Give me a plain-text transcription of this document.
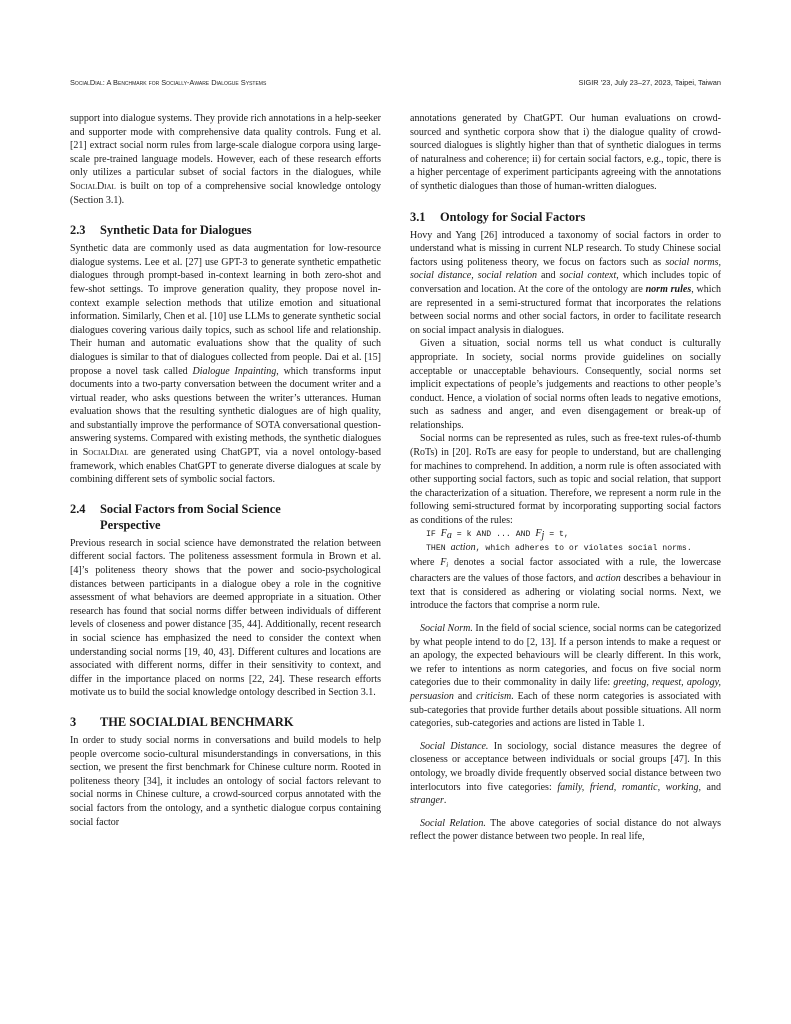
SocialDial: A Benchmark for Socially-Aware Dialogue Systems	SIGIR '23, July 23–27, 2023, Taipei, Taiwan

support into dialogue systems. They provide rich annotations in a help-seeker and supporter mode with comprehensive data quality controls. Fung et al. [21] extract social norm rules from large-scale dialogue corpora using large-scale pre-trained language models. However, each of these research efforts only utilizes a particular subset of social factors in the dialogues, while SocialDial is built on top of a comprehensive social knowledge ontology (Section 3.1).

2.3 Synthetic Data for Dialogues

Synthetic data are commonly used as data augmentation for low-resource dialogue systems. Lee et al. [27] use GPT-3 to generate synthetic empathetic dialogues through prompt-based in-context learning in both zero-shot and few-shot settings. To improve generation quality, they propose novel in-context example selection methods that utilize emotion and situational information. Similarly, Chen et al. [10] use LLMs to generate synthetic social dialogues covering various daily topics, such as school life and relationship. Their human and automatic evaluations show that the quality of such dialogues is similar to that of dialogues collected from people. Dai et al. [15] propose a novel task called Dialogue Inpainting, which transforms input documents into a two-party conversation between the document writer and a virtual reader, who asks questions between the writer’s utterances. Human evaluation shows that the resulting synthetic dialogues are of high quality, and substantially improve the performance of SOTA conversational question-answering systems. Compared with existing methods, the synthetic dialogues in SocialDial are generated using ChatGPT, via a novel ontology-based framework, which enables ChatGPT to generate diverse dialogues at scale by combining different sets of symbolic social factors.

2.4 Social Factors from Social Science
Perspective

Previous research in social science have demonstrated the relation between different social factors. The politeness assessment formula in Brown et al. [4]’s politeness theory shows that the power and socio-psychological distances between participants in a dialogue obey a role in the cognitive assessment of what behaviors are deemed appropriate in a situation. Other research has found that social norms differ between individuals of different levels of closeness and power distance [35, 44]. Additionally, recent research in social science has emphasized the need to consider the context when understanding social norms [19, 40, 43]. Different cultures and locations are associated with different norms, differ in their sensitivity to context, and differ in the importance placed on norms [22, 24]. These research efforts motivate us to build the social knowledge ontology described in Section 3.1.

3 THE SOCIALDIAL BENCHMARK

In order to study social norms in conversations and build models to help people overcome socio-cultural misunderstandings in conversations, in this section, we present the first benchmark for Chinese culture norm. Rooted in politeness theory [34], it includes an ontology of social factors relevant to social norms in Chinese culture, a crowd-sourced corpus annotated with the social factors from the ontology, and a synthetic dialogue corpus containing social factor

annotations generated by ChatGPT. Our human evaluations on crowd-sourced and synthetic corpora show that i) the dialogue quality of crowd-sourced dialogues is slightly higher than that of synthetic dialogues in terms of naturalness and coherence; ii) for certain social factors, e.g., topic, there is a higher percentage of experiment participants agreeing with the annotations of synthetic dialogues than those of human-written dialogues.

3.1 Ontology for Social Factors

Hovy and Yang [26] introduced a taxonomy of social factors in order to understand what is missing in current NLP research. To study Chinese social factors using politeness theory, we focus on factors such as social norms, social distance, social relation and social context, which includes topic of conversation and location. At the core of the ontology are norm rules, which are represented in a semi-structured format that incorporates the relations between social norms and other social factors, in order to facilitate research on social impact analysis in dialogues.

Given a situation, social norms tell us what conduct is culturally appropriate. In society, social norms provide guidelines on socially acceptable or unacceptable behaviours. Consequently, social norms set implicit expectations of people’s judgements and reactions to other people’s conduct. Hence, a violation of social norms often leads to negative emotions, such as sadness and anger, and even disengagement or break-up of relationships.

Social norms can be represented as rules, such as free-text rules-of-thumb (RoTs) in [20]. RoTs are easy for people to understand, but are challenging for machines to comprehend. In addition, a norm rule is often associated with other supporting social factors, such as topic and social relation, that support the characterization of a situation. Therefore, we represent a norm rule in the following semi-structured format by incorporating supporting social factors as conditions of the rules:

IF Fa = k AND ... AND Fj = t,
THEN action, which adheres to or violates social norms.

where $F_i$ denotes a social factor associated with a rule, the lowercase characters are the values of those factors, and action describes a behaviour in text that is considered as adhering or violating social norms. Next, we introduce the factors that comprise a norm rule.

Social Norm. In the field of social science, social norms can be categorized by what people intend to do [2, 13]. If a person intends to make a request or an apology, the expected behaviours will be clearly different. In this work, we refer to intentions as norm categories, and focus on five social norm categories due to their commonality in daily life: greeting, request, apology, persuasion and criticism. Each of these norm categories is associated with sub-categories that provide further details about possible situations. All norm categories, sub-categories and actions are listed in Table 1.

Social Distance. In sociology, social distance measures the degree of closeness or acceptance between individuals or social groups [47]. In this ontology, we broadly divide frequently observed social distance between two interlocutors into five categories: family, friend, romantic, working, and stranger.

Social Relation. The above categories of social distance do not always reflect the power distance between two people. In real life,
